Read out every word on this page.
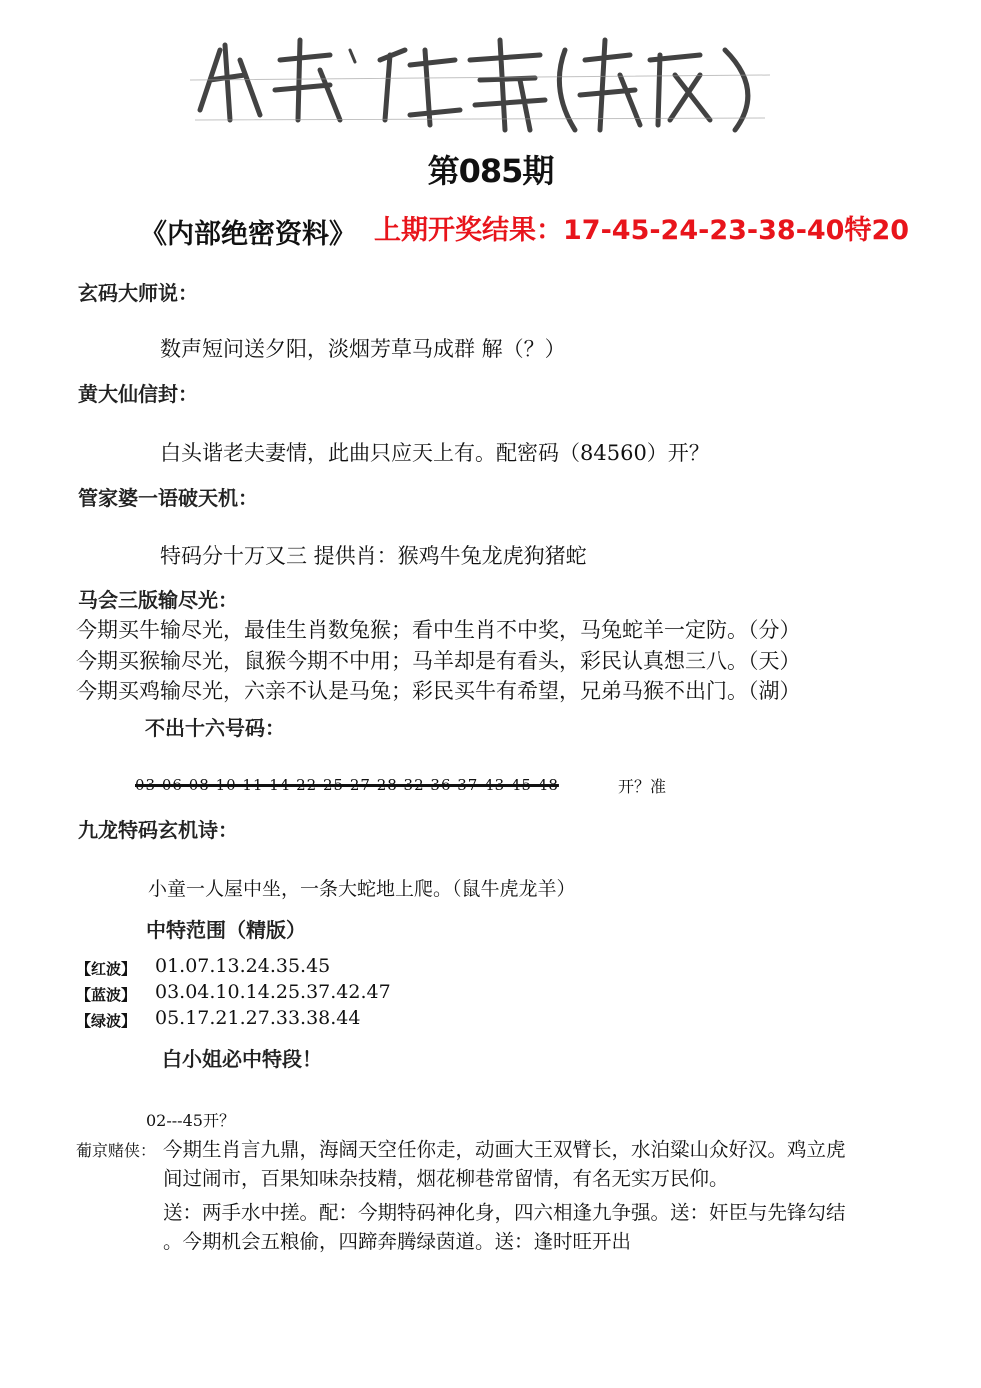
第085期
《内部绝密资料》 上期开奖结果：17-45-24-23-38-40特20
玄码大师说：
数声短问送夕阳，淡烟芳草马成群 解（？）
黄大仙信封：
白头谐老夫妻情，此曲只应天上有。配密码（84560）开？
管家婆一语破天机：
特码分十万又三 提供肖：猴鸡牛兔龙虎狗猪蛇
马会三版输尽光：
今期买牛输尽光，最佳生肖数兔猴；看中生肖不中奖，马兔蛇羊一定防。（分）
今期买猴输尽光，鼠猴今期不中用；马羊却是有看头，彩民认真想三八。（天）
今期买鸡输尽光，六亲不认是马兔；彩民买牛有希望，兄弟马猴不出门。（湖）
不出十六号码：
03 06 08 10 11 14 22 25 27 28 32 36 37 43 45 48	开？准
九龙特码玄机诗：
小童一人屋中坐，一条大蛇地上爬。（鼠牛虎龙羊）
中特范围（精版）
【红波】 01.07.13.24.35.45
【蓝波】 03.04.10.14.25.37.42.47
【绿波】 05.17.21.27.33.38.44
白小姐必中特段！
02---45开？
葡京赌侠： 今期生肖言九鼎，海阔天空任你走，动画大王双臂长，水泊粱山众好汉。鸡立虎
间过闹市，百果知味杂技精，烟花柳巷常留情，有名无实万民仰。
送：两手水中搓。配：今期特码神化身，四六相逢九争强。送：奸臣与先锋勾结
。今期机会五粮偷，四蹄奔腾绿茵道。送：逢时旺开出
